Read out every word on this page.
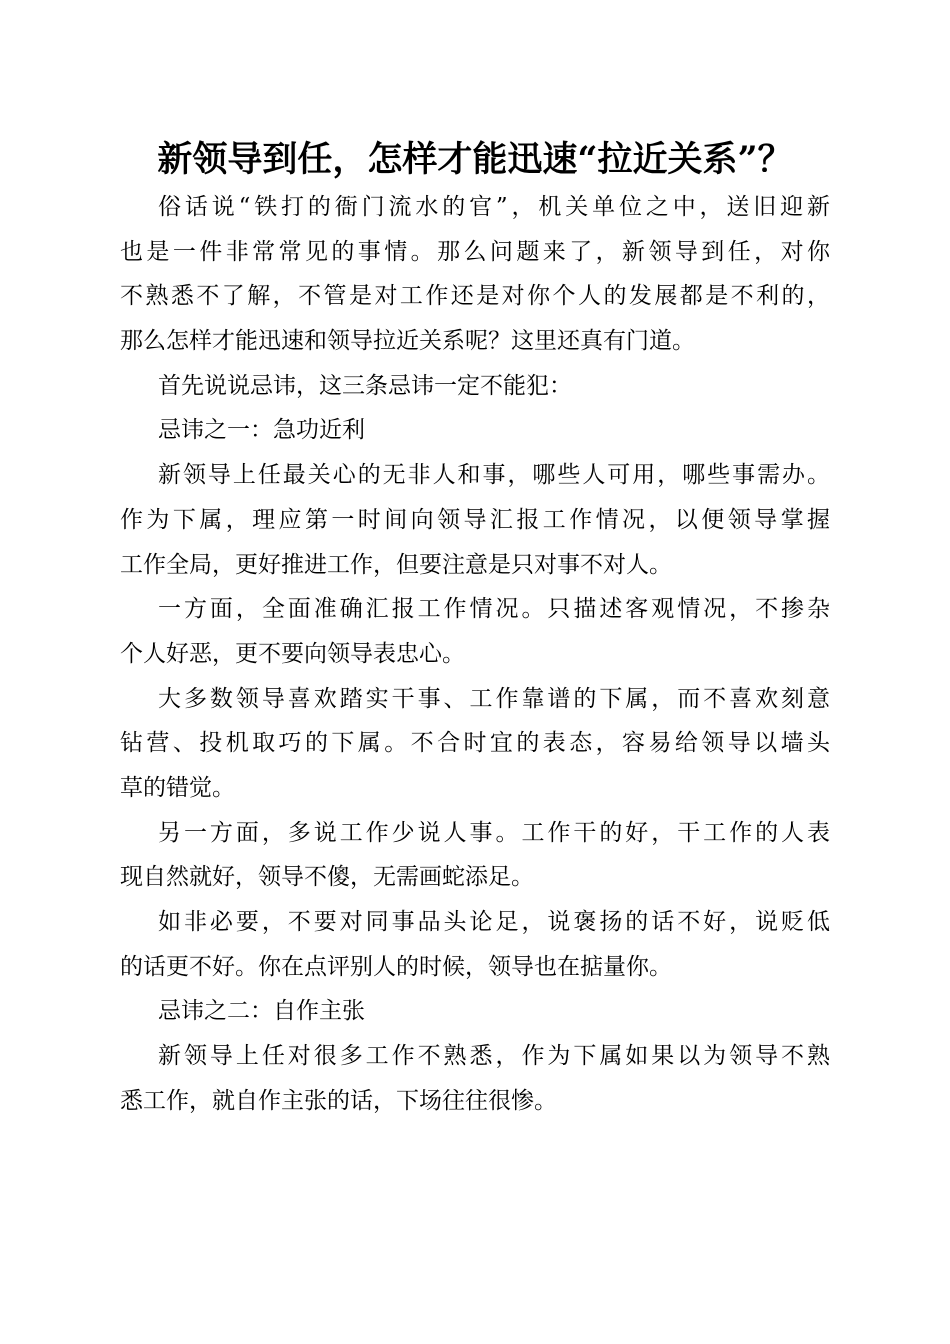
新领导到任，怎样才能迅速“拉近关系”？
俗话说“铁打的衙门流水的官”，机关单位之中，送旧迎新
也是一件非常常见的事情。那么问题来了，新领导到任，对你
不熟悉不了解，不管是对工作还是对你个人的发展都是不利的，
那么怎样才能迅速和领导拉近关系呢？这里还真有门道。
首先说说忌讳，这三条忌讳一定不能犯：
忌讳之一：急功近利
新领导上任最关心的无非人和事，哪些人可用，哪些事需办。
作为下属，理应第一时间向领导汇报工作情况，以便领导掌握
工作全局，更好推进工作，但要注意是只对事不对人。
一方面，全面准确汇报工作情况。只描述客观情况，不掺杂
个人好恶，更不要向领导表忠心。
大多数领导喜欢踏实干事、工作靠谱的下属，而不喜欢刻意
钻营、投机取巧的下属。不合时宜的表态，容易给领导以墙头
草的错觉。
另一方面，多说工作少说人事。工作干的好，干工作的人表
现自然就好，领导不傻，无需画蛇添足。
如非必要，不要对同事品头论足，说褒扬的话不好，说贬低
的话更不好。你在点评别人的时候，领导也在掂量你。
忌讳之二：自作主张
新领导上任对很多工作不熟悉，作为下属如果以为领导不熟
悉工作，就自作主张的话，下场往往很惨。
